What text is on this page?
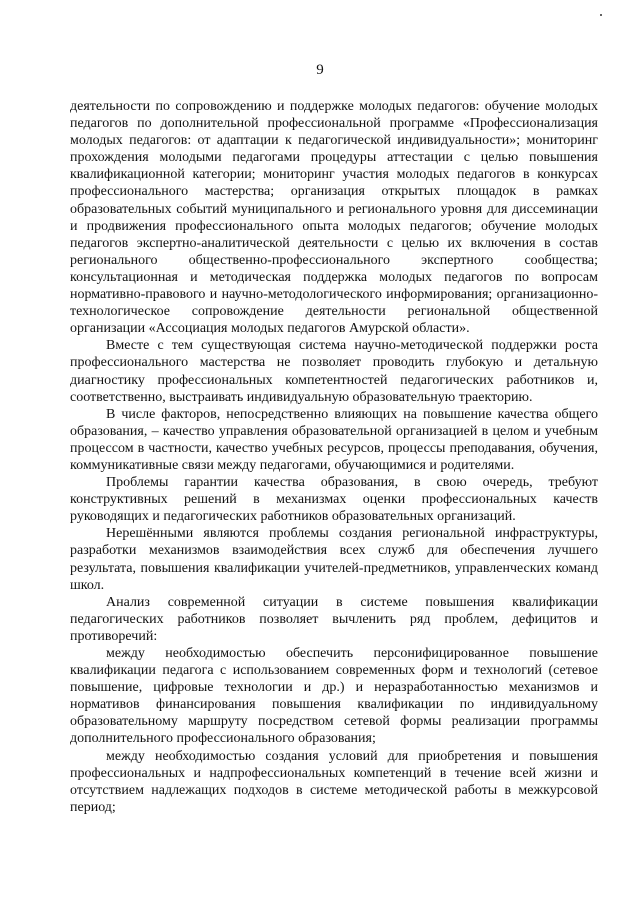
9

деятельности по сопровождению и поддержке молодых педагогов: обучение молодых педагогов по дополнительной профессиональной программе «Профессионализация молодых педагогов: от адаптации к педагогической индивидуальности»; мониторинг прохождения молодыми педагогами процедуры аттестации с целью повышения квалификационной категории; мониторинг участия молодых педагогов в конкурсах профессионального мастерства; организация открытых площадок в рамках образовательных событий муниципального и регионального уровня для диссеминации и продвижения профессионального опыта молодых педагогов; обучение молодых педагогов экспертно-аналитической деятельности с целью их включения в состав регионального общественно-профессионального экспертного сообщества; консультационная и методическая поддержка молодых педагогов по вопросам нормативно-правового и научно-методологического информирования; организационно-технологическое сопровождение деятельности региональной общественной организации «Ассоциация молодых педагогов Амурской области».

Вместе с тем существующая система научно-методической поддержки роста профессионального мастерства не позволяет проводить глубокую и детальную диагностику профессиональных компетентностей педагогических работников и, соответственно, выстраивать индивидуальную образовательную траекторию.

В числе факторов, непосредственно влияющих на повышение качества общего образования, – качество управления образовательной организацией в целом и учебным процессом в частности, качество учебных ресурсов, процессы преподавания, обучения, коммуникативные связи между педагогами, обучающимися и родителями.

Проблемы гарантии качества образования, в свою очередь, требуют конструктивных решений в механизмах оценки профессиональных качеств руководящих и педагогических работников образовательных организаций.

Нерешёнными являются проблемы создания региональной инфраструктуры, разработки механизмов взаимодействия всех служб для обеспечения лучшего результата, повышения квалификации учителей-предметников, управленческих команд школ.

Анализ современной ситуации в системе повышения квалификации педагогических работников позволяет вычленить ряд проблем, дефицитов и противоречий:

между необходимостью обеспечить персонифицированное повышение квалификации педагога с использованием современных форм и технологий (сетевое повышение, цифровые технологии и др.) и неразработанностью механизмов и нормативов финансирования повышения квалификации по индивидуальному образовательному маршруту посредством сетевой формы реализации программы дополнительного профессионального образования;

между необходимостью создания условий для приобретения и повышения профессиональных и надпрофессиональных компетенций в течение всей жизни и отсутствием надлежащих подходов в системе методической работы в межкурсовой период;
